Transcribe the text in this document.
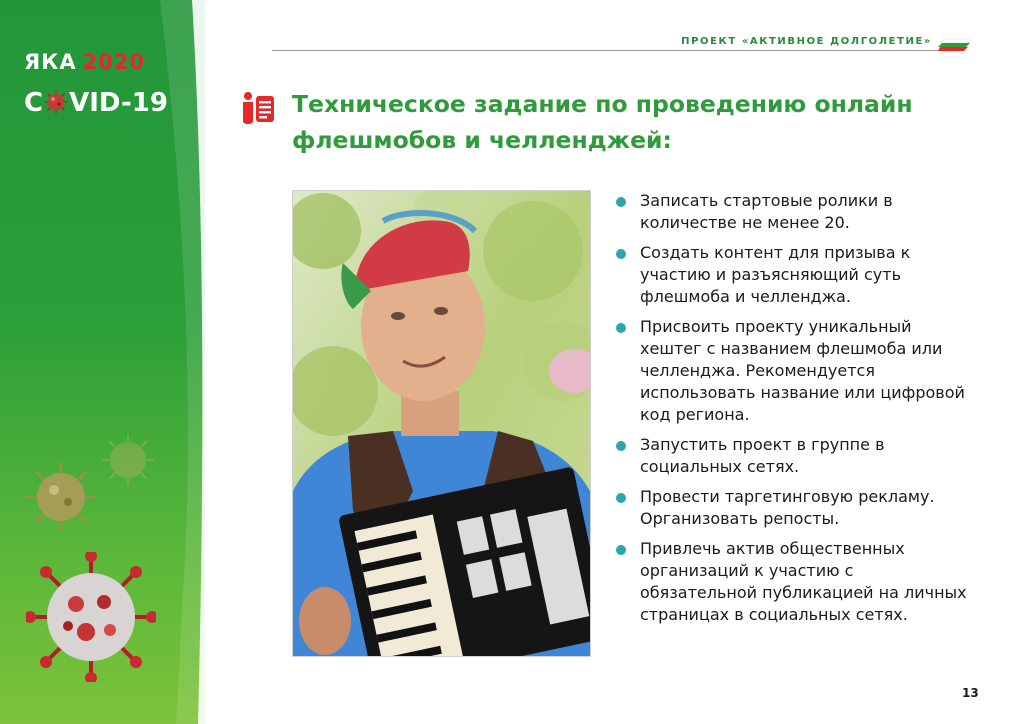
ЯКА 2020
C VID-19
ПРОЕКТ «АКТИВНОЕ ДОЛГОЛЕТИЕ»
Техническое задание по проведению онлайн флешмобов и челленджей:
Записать стартовые ролики в количестве не менее 20.
Создать контент для призыва к участию и разъясняющий суть флешмоба и челленджа.
Присвоить проекту уникальный хештег с названием флешмоба или челленджа. Рекомендуется использовать название или цифровой код региона.
Запустить проект в группе в социальных сетях.
Провести таргетинговую рекламу. Организовать репосты.
Привлечь актив общественных организаций к участию с обязательной публикацией на личных страницах в социальных сетях.
13
